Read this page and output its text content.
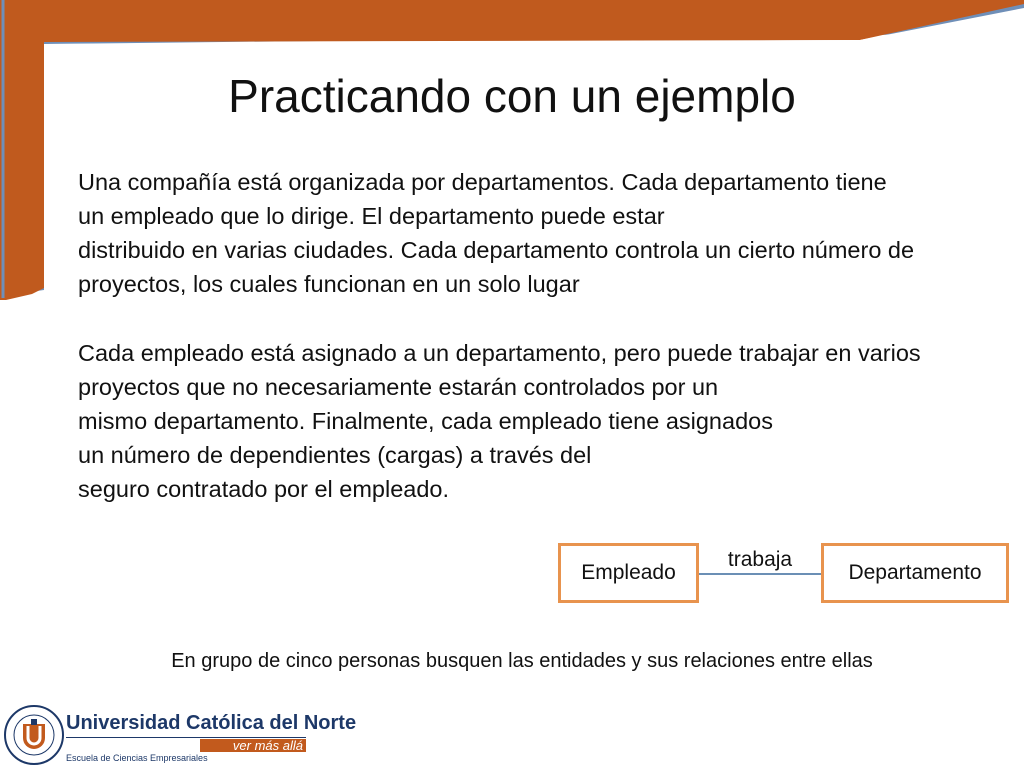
Practicando con un ejemplo
Una compañía está organizada por departamentos. Cada departamento tiene
un empleado que lo dirige. El departamento puede estar
distribuido en varias ciudades. Cada departamento controla un cierto número de
proyectos, los cuales funcionan en un solo lugar
Cada empleado está asignado a un departamento, pero puede trabajar en varios
proyectos que no necesariamente estarán controlados por un
mismo departamento. Finalmente, cada empleado tiene asignados
un número de dependientes (cargas) a través del
seguro contratado por el empleado.
Empleado
trabaja
Departamento
En grupo de cinco personas busquen las entidades y sus relaciones entre ellas
Universidad Católica del Norte
ver más allá
Escuela de Ciencias Empresariales
